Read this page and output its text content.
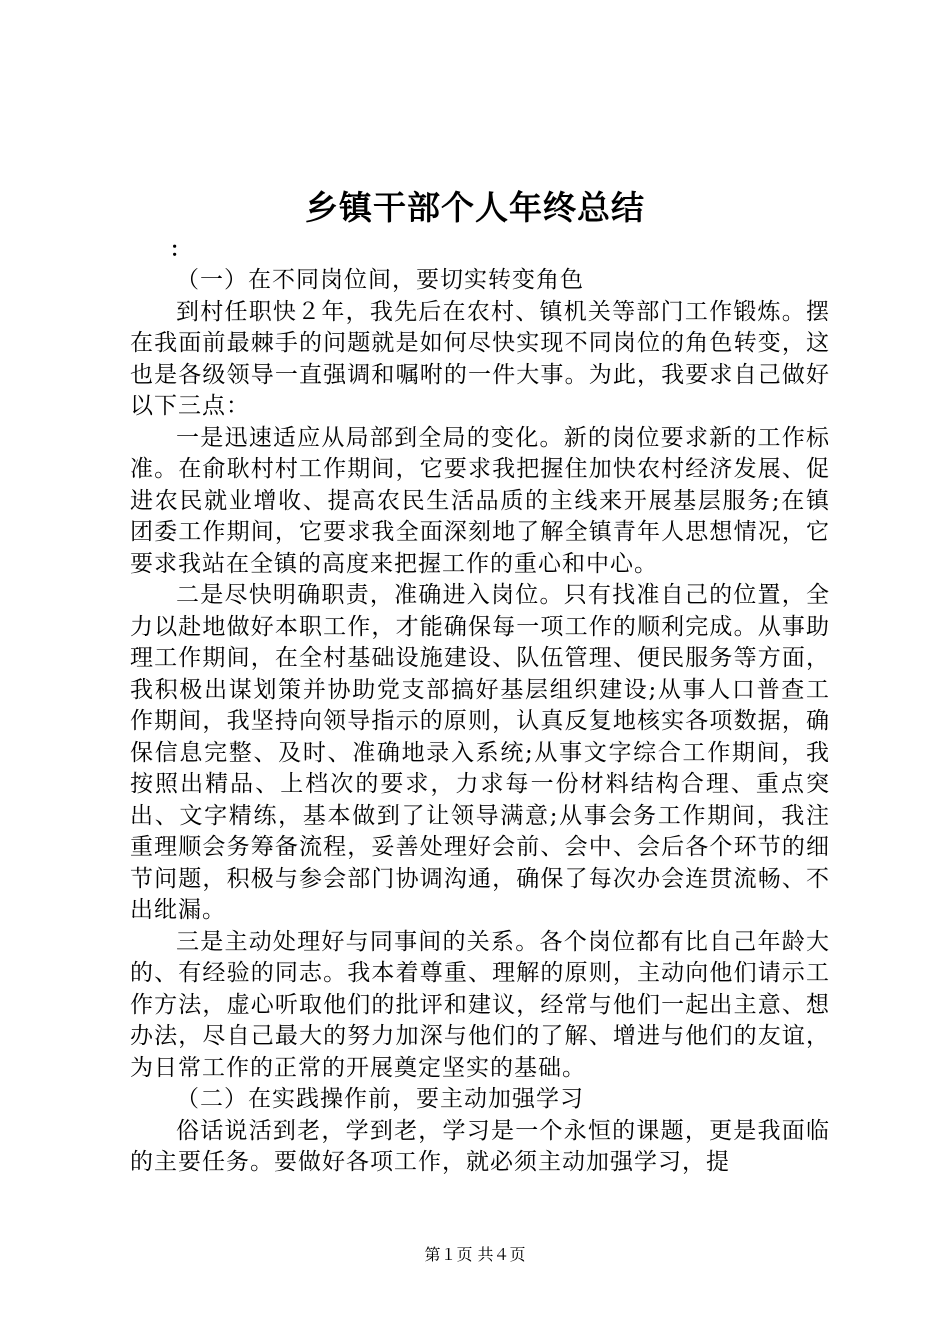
乡镇干部个人年终总结
：

（一）在不同岗位间，要切实转变角色

到村任职快２年，我先后在农村、镇机关等部门工作锻炼。摆在我面前最棘手的问题就是如何尽快实现不同岗位的角色转变，这也是各级领导一直强调和嘱咐的一件大事。为此，我要求自己做好以下三点：

一是迅速适应从局部到全局的变化。新的岗位要求新的工作标准。在俞耿村村工作期间，它要求我把握住加快农村经济发展、促进农民就业增收、提高农民生活品质的主线来开展基层服务;在镇团委工作期间，它要求我全面深刻地了解全镇青年人思想情况，它要求我站在全镇的高度来把握工作的重心和中心。

二是尽快明确职责，准确进入岗位。只有找准自己的位置，全力以赴地做好本职工作，才能确保每一项工作的顺利完成。从事助理工作期间，在全村基础设施建设、队伍管理、便民服务等方面，我积极出谋划策并协助党支部搞好基层组织建设;从事人口普查工作期间，我坚持向领导指示的原则，认真反复地核实各项数据，确保信息完整、及时、准确地录入系统;从事文字综合工作期间，我按照出精品、上档次的要求，力求每一份材料结构合理、重点突出、文字精练，基本做到了让领导满意;从事会务工作期间，我注重理顺会务筹备流程，妥善处理好会前、会中、会后各个环节的细节问题，积极与参会部门协调沟通，确保了每次办会连贯流畅、不出纰漏。

三是主动处理好与同事间的关系。各个岗位都有比自己年龄大的、有经验的同志。我本着尊重、理解的原则，主动向他们请示工作方法，虚心听取他们的批评和建议，经常与他们一起出主意、想办法，尽自己最大的努力加深与他们的了解、增进与他们的友谊，为日常工作的正常的开展奠定坚实的基础。

（二）在实践操作前，要主动加强学习

俗话说活到老，学到老，学习是一个永恒的课题，更是我面临的主要任务。要做好各项工作，就必须主动加强学习，提

第１页 共４页
